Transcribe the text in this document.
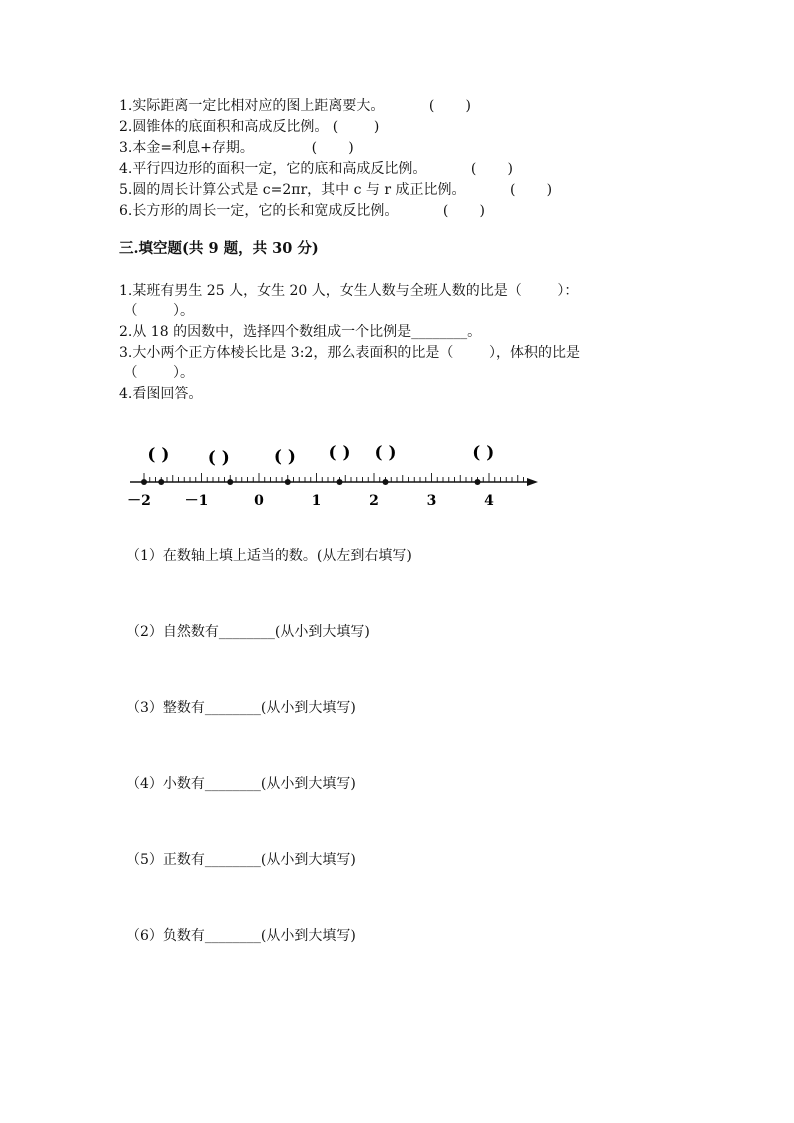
1.实际距离一定比相对应的图上距离要大。          (       )
2.圆锥体的底面积和高成反比例。 (        )
3.本金=利息+存期。             (       )
4.平行四边形的面积一定，它的底和高成反比例。          (       )
5.圆的周长计算公式是 c=2πr，其中 c 与 r 成正比例。          (       )
6.长方形的周长一定，它的长和宽成反比例。          (       )
三.填空题(共 9 题，共 30 分)
1.某班有男生 25 人，女生 20 人，女生人数与全班人数的比是（        ）：
（        ）。
2.从 18 的因数中，选择四个数组成一个比例是________。
3.大小两个正方体棱长比是 3:2，那么表面积的比是（        ），体积的比是
（        ）。
4.看图回答。
( ) ( )	( ) ( ) ( )	( )
－2 －1	0	1	2	3	4
（1）在数轴上填上适当的数。(从左到右填写)
（2）自然数有________(从小到大填写)
（3）整数有________(从小到大填写)
（4）小数有________(从小到大填写)
（5）正数有________(从小到大填写)
（6）负数有________(从小到大填写)
